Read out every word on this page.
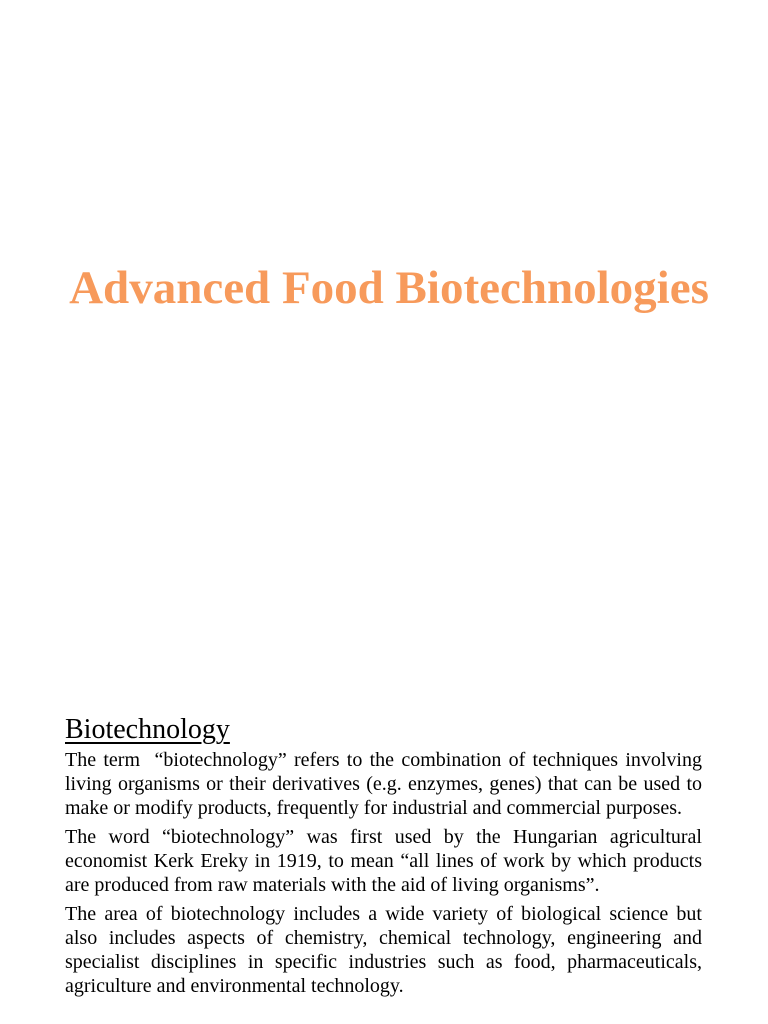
Advanced Food Biotechnologies
Biotechnology

The term  “biotechnology” refers to the combination of techniques involving living organisms or their derivatives (e.g. enzymes, genes) that can be used to make or modify products, frequently for industrial and commercial purposes.

The word “biotechnology” was first used by the Hungarian agricultural economist Kerk Ereky in 1919, to mean “all lines of work by which products are produced from raw materials with the aid of living organisms”.

The area of biotechnology includes a wide variety of biological science but also includes aspects of chemistry, chemical technology, engineering and specialist disciplines in specific industries such as food, pharmaceuticals, agriculture and environmental technology.
